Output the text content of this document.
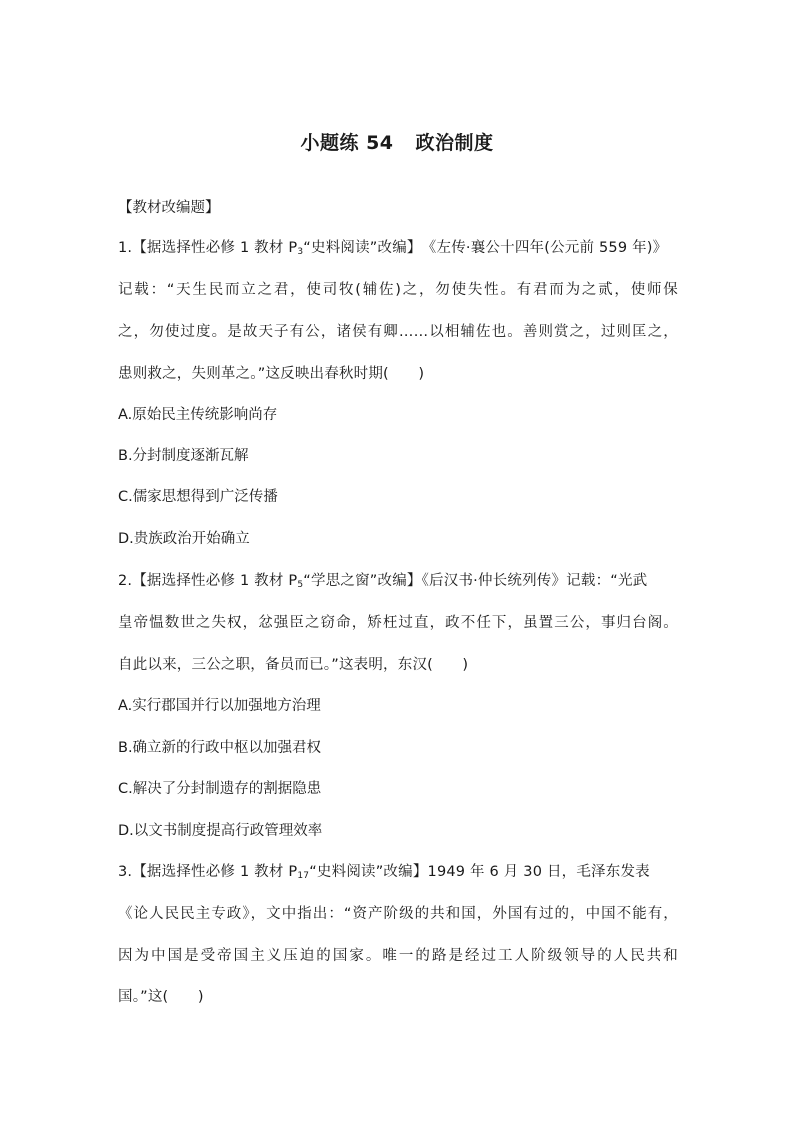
小题练 54 政治制度
【教材改编题】
1.【据选择性必修 1 教材 $P_3“$史料阅读”改编】　《左传·襄公十四年(公元前 559 年)》
记载：“天生民而立之君，使司牧(辅佐)之，勿使失性。有君而为之贰，使师保
之，勿使过度。是故天子有公，诸侯有卿……以相辅佐也。善则赏之，过则匡之，
患则救之，失则革之。”这反映出春秋时期(　　)
A.原始民主传统影响尚存
B.分封制度逐渐瓦解
C.儒家思想得到广泛传播
D.贵族政治开始确立
2.【据选择性必修 1 教材 $P_5“$学思之窗”改编】《后汉书·仲长统列传》记载：“光武
皇帝愠数世之失权，忿强臣之窃命，矫枉过直，政不任下，虽置三公，事归台阁。
自此以来，三公之职，备员而已。”这表明，东汉(　　)
A.实行郡国并行以加强地方治理
B.确立新的行政中枢以加强君权
C.解决了分封制遗存的割据隐患
D.以文书制度提高行政管理效率
3.【据选择性必修 1 教材 $P_{17}“$史料阅读”改编】1949 年 6 月 30 日，毛泽东发表
《论人民民主专政》，文中指出：“资产阶级的共和国，外国有过的，中国不能有，
因为中国是受帝国主义压迫的国家。唯一的路是经过工人阶级领导的人民共和
国。”这(　　)
